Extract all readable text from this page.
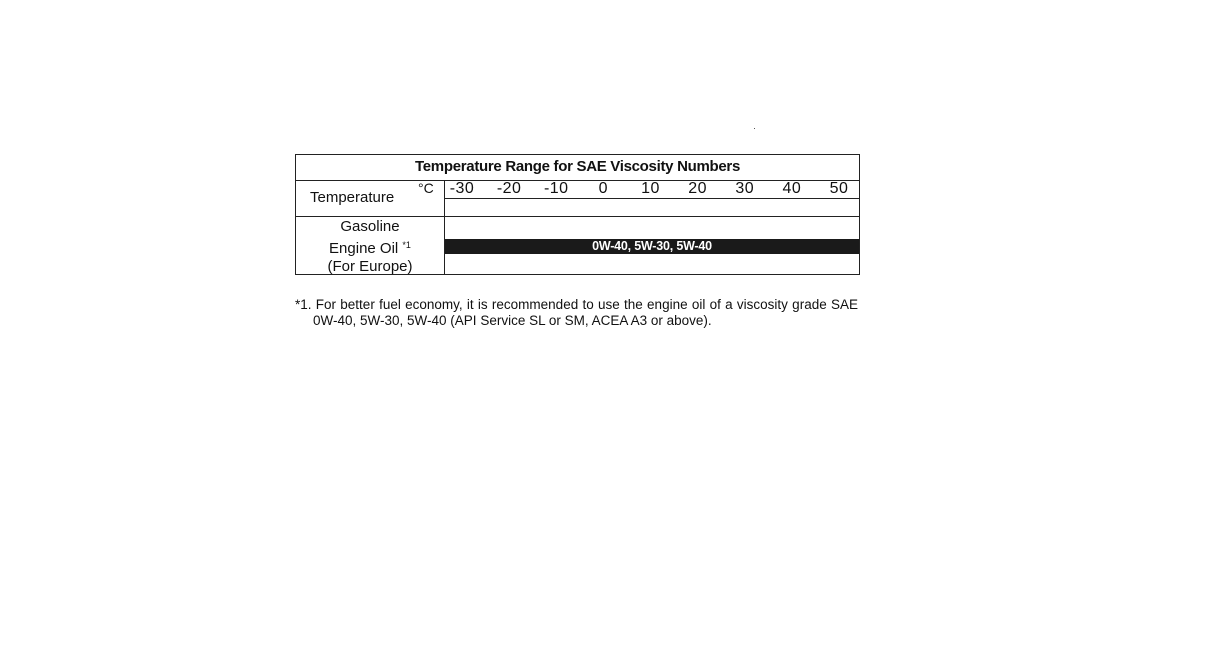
Temperature Range for SAE Viscosity Numbers
Temperature
°C -30 -20 -10 0 10 20 30 40 50
Gasoline
Engine Oil $^{*1}$
(For Europe)
0W-40, 5W-30, 5W-40
*1. For better fuel economy, it is recommended to use the engine oil of a viscosity grade SAE
0W-40, 5W-30, 5W-40 (API Service SL or SM, ACEA A3 or above).
